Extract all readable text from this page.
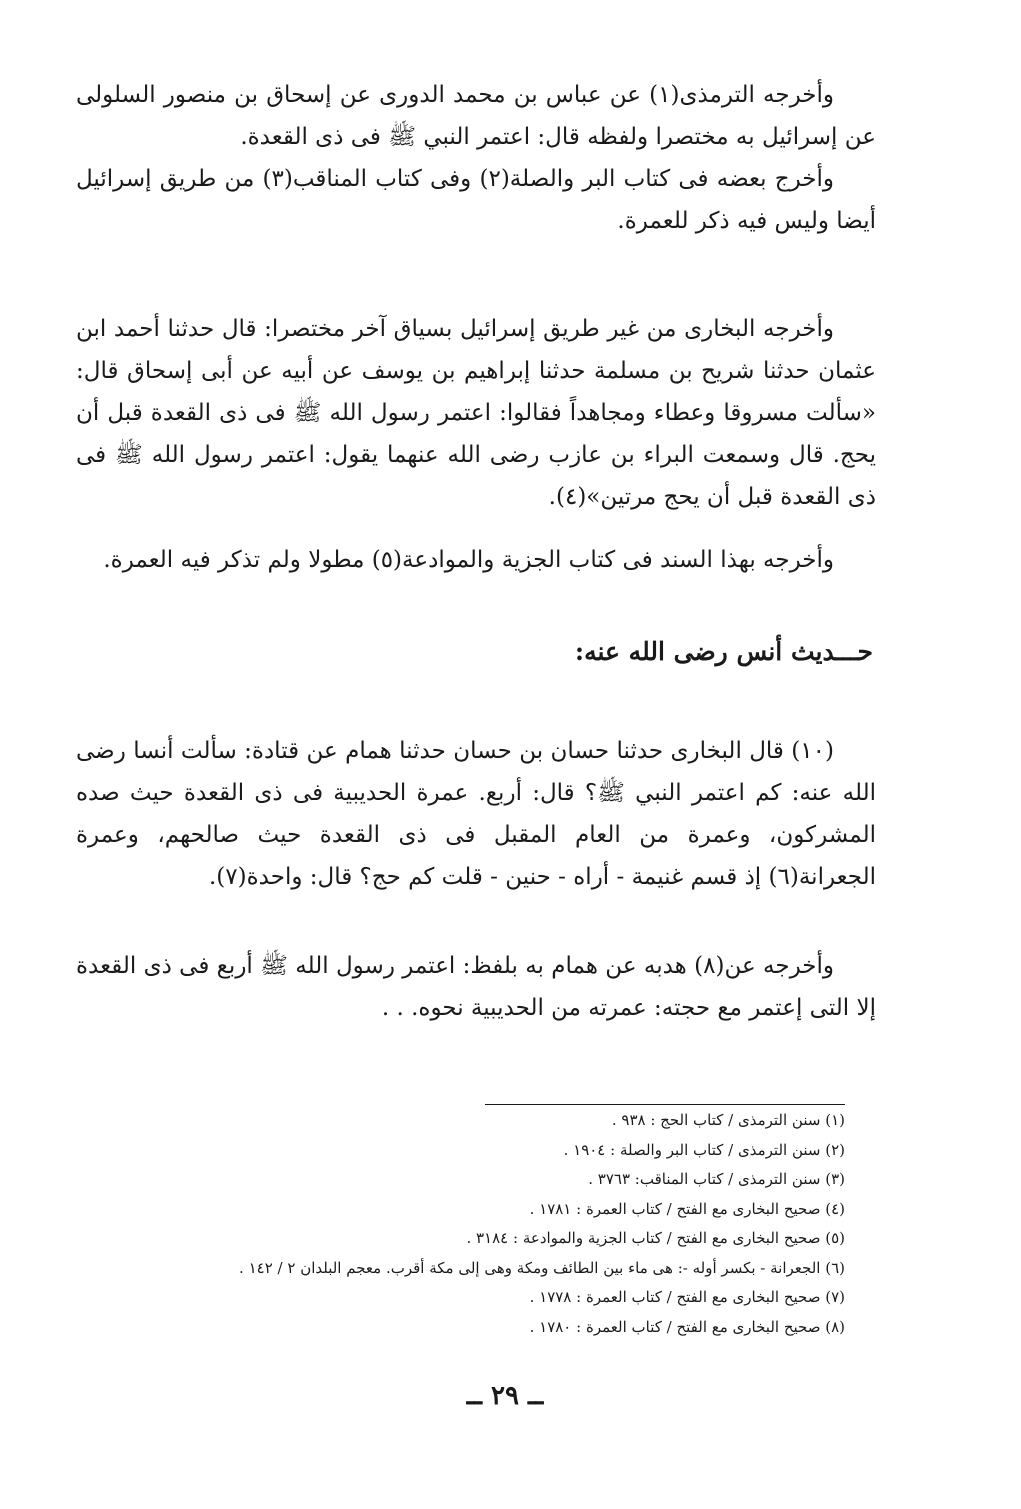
وأخرجه الترمذى(١) عن عباس بن محمد الدورى عن إسحاق بن منصور السلولى عن إسرائيل به مختصرا ولفظه قال: اعتمر النبي ﷺ فى ذى القعدة.

وأخرج بعضه فى كتاب البر والصلة(٢) وفى كتاب المناقب(٣) من طريق إسرائيل أيضا وليس فيه ذكر للعمرة.

وأخرجه البخارى من غير طريق إسرائيل بسياق آخر مختصرا: قال حدثنا أحمد ابن عثمان حدثنا شريح بن مسلمة حدثنا إبراهيم بن يوسف عن أبيه عن أبى إسحاق قال: «سألت مسروقا وعطاء ومجاهداً فقالوا: اعتمر رسول الله ﷺ فى ذى القعدة قبل أن يحج. قال وسمعت البراء بن عازب رضى الله عنهما يقول: اعتمر رسول الله ﷺ فى ذى القعدة قبل أن يحج مرتين»(٤).

وأخرجه بهذا السند فى كتاب الجزية والموادعة(٥) مطولا ولم تذكر فيه العمرة.

حـــديث أنس رضى الله عنه:

(١٠) قال البخارى حدثنا حسان بن حسان حدثنا همام عن قتادة: سألت أنسا رضى الله عنه: كم اعتمر النبي ﷺ؟ قال: أربع. عمرة الحديبية فى ذى القعدة حيث صده المشركون، وعمرة من العام المقبل فى ذى القعدة حيث صالحهم، وعمرة الجعرانة(٦) إذ قسم غنيمة - أراه - حنين - قلت كم حج؟ قال: واحدة(٧).

وأخرجه عن(٨) هدبه عن همام به بلفظ: اعتمر رسول الله ﷺ أربع فى ذى القعدة إلا التى إعتمر مع حجته: عمرته من الحديبية نحوه. . .

(١) سنن الترمذى / كتاب الحج : ٩٣٨ .
(٢) سنن الترمذى / كتاب البر والصلة : ١٩٠٤ .
(٣) سنن الترمذى / كتاب المناقب: ٣٧٦٣ .
(٤) صحيح البخارى مع الفتح / كتاب العمرة : ١٧٨١ .
(٥) صحيح البخارى مع الفتح / كتاب الجزية والموادعة : ٣١٨٤ .
(٦) الجعرانة - بكسر أوله -: هى ماء بين الطائف ومكة وهى إلى مكة أقرب. معجم البلدان ٢ / ١٤٢ .
(٧) صحيح البخارى مع الفتح / كتاب العمرة : ١٧٧٨ .
(٨) صحيح البخارى مع الفتح / كتاب العمرة : ١٧٨٠ .
ــ ٢٩ ــ
